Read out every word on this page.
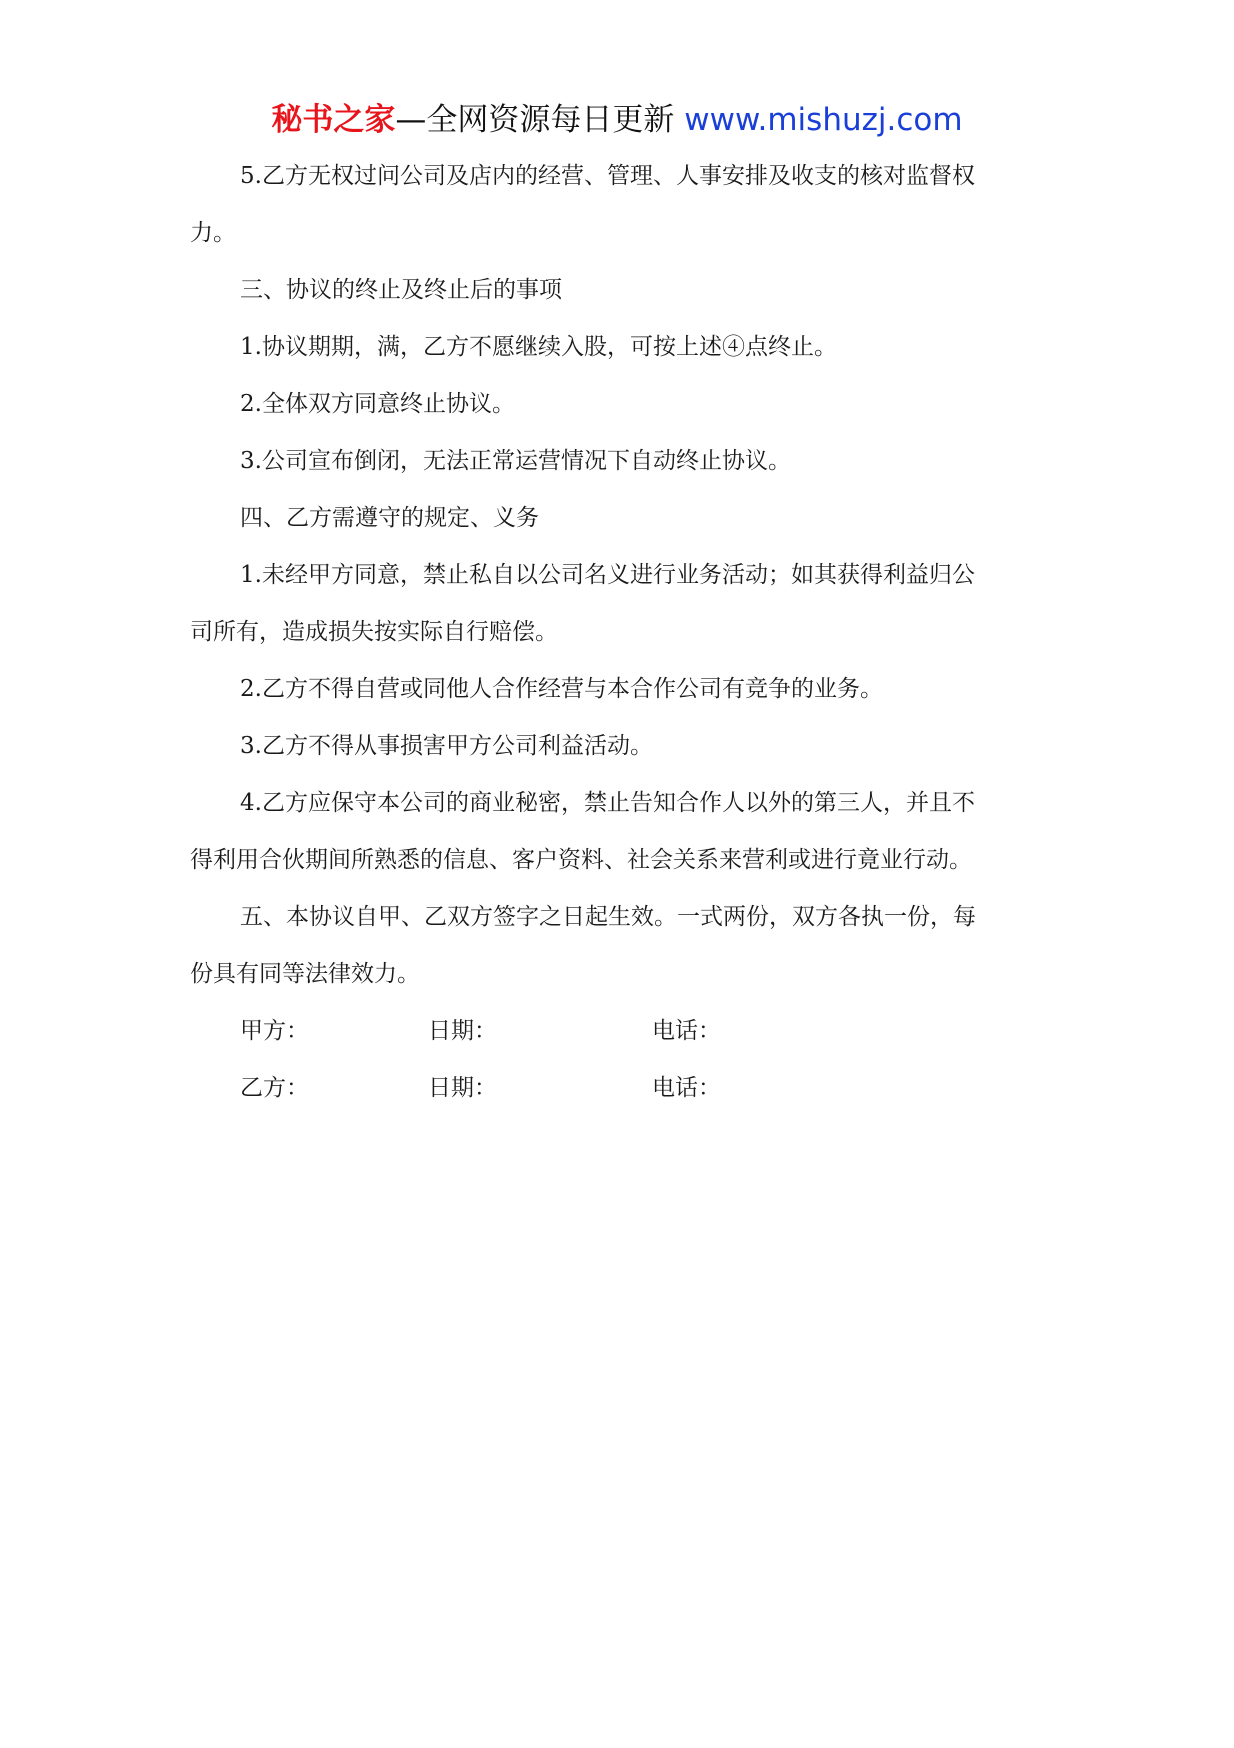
秘书之家—全网资源每日更新 www.mishuzj.com
5.乙方无权过问公司及店内的经营、管理、人事安排及收支的核对监督权
力。
三、协议的终止及终止后的事项
1.协议期期，满，乙方不愿继续入股，可按上述④点终止。
2.全体双方同意终止协议。
3.公司宣布倒闭，无法正常运营情况下自动终止协议。
四、乙方需遵守的规定、义务
1.未经甲方同意，禁止私自以公司名义进行业务活动；如其获得利益归公
司所有，造成损失按实际自行赔偿。
2.乙方不得自营或同他人合作经营与本合作公司有竞争的业务。
3.乙方不得从事损害甲方公司利益活动。
4.乙方应保守本公司的商业秘密，禁止告知合作人以外的第三人，并且不
得利用合伙期间所熟悉的信息、客户资料、社会关系来营利或进行竟业行动。
五、本协议自甲、乙双方签字之日起生效。一式两份，双方各执一份，每
份具有同等法律效力。
甲方：	日期：	电话：
乙方：	日期：	电话：
